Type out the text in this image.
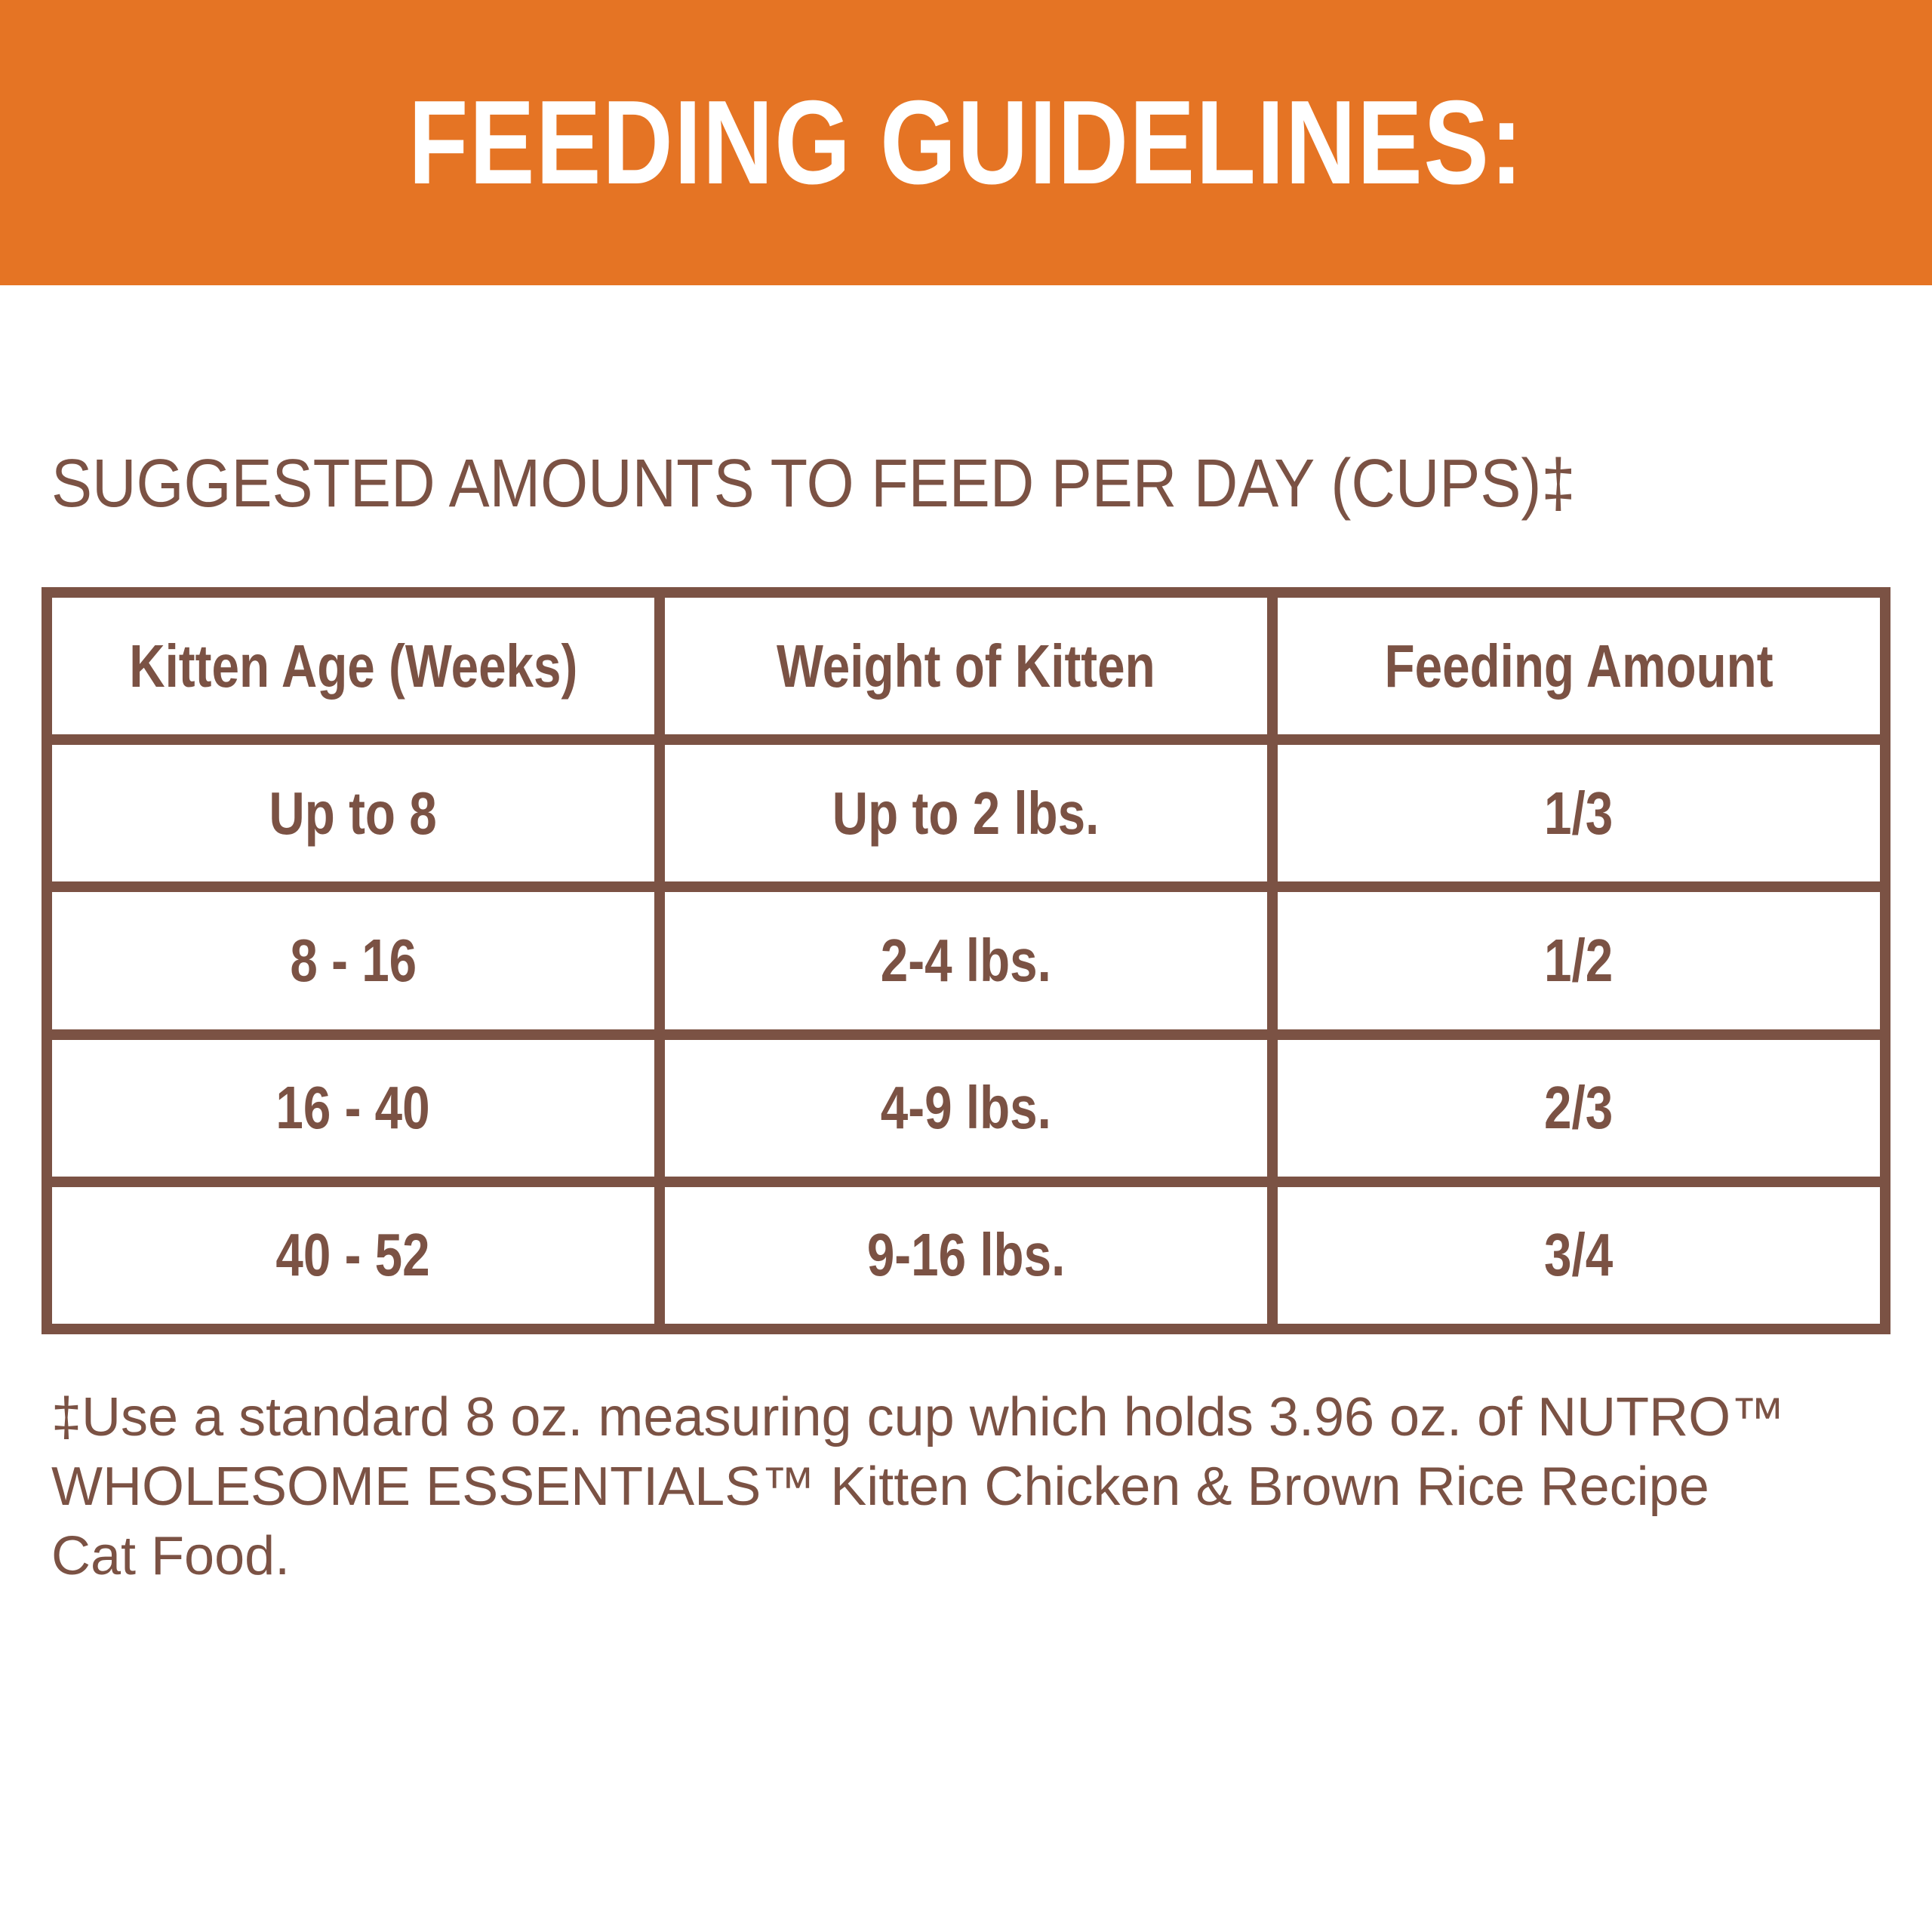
FEEDING GUIDELINES:
SUGGESTED AMOUNTS TO FEED PER DAY (CUPS)‡
Kitten Age (Weeks)	Weight of Kitten	Feeding Amount
Up to 8	Up to 2 lbs.	1/3
8 - 16	2-4 lbs.	1/2
16 - 40	4-9 lbs.	2/3
40 - 52	9-16 lbs.	3/4
‡Use a standard 8 oz. measuring cup which holds 3.96 oz. of NUTRO™
WHOLESOME ESSENTIALS™ Kitten Chicken & Brown Rice Recipe
Cat Food.
